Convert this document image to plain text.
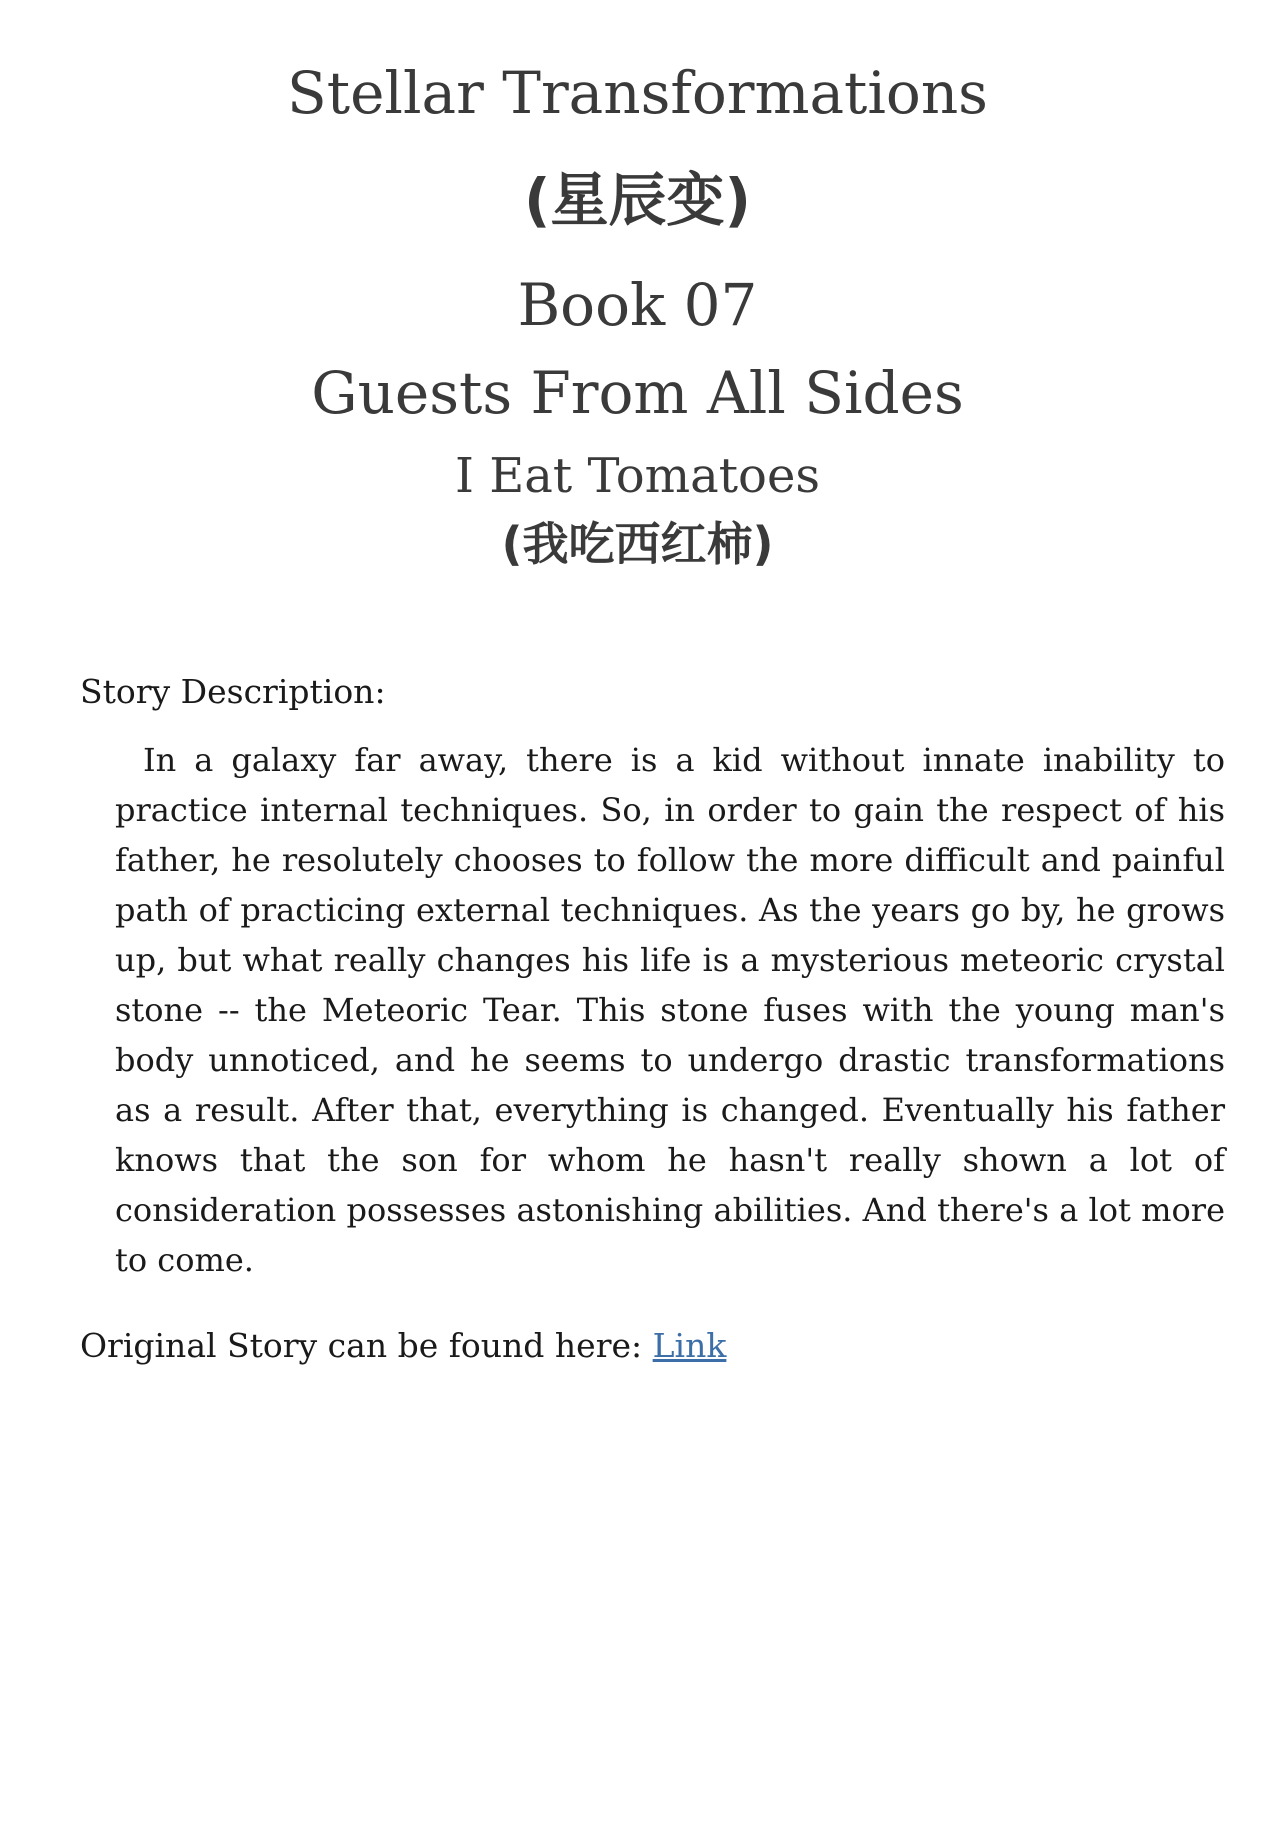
Stellar Transformations
(星辰变)
Book 07
Guests From All Sides
I Eat Tomatoes
(我吃西红柿)
Story Description:

In a galaxy far away, there is a kid without innate inability to practice internal techniques. So, in order to gain the respect of his father, he resolutely chooses to follow the more difficult and painful path of practicing external techniques. As the years go by, he grows up, but what really changes his life is a mysterious meteoric crystal stone -- the Meteoric Tear. This stone fuses with the young man's body unnoticed, and he seems to undergo drastic transformations as a result. After that, everything is changed. Eventually his father knows that the son for whom he hasn't really shown a lot of consideration possesses astonishing abilities. And there's a lot more to come.

Original Story can be found here: Link
